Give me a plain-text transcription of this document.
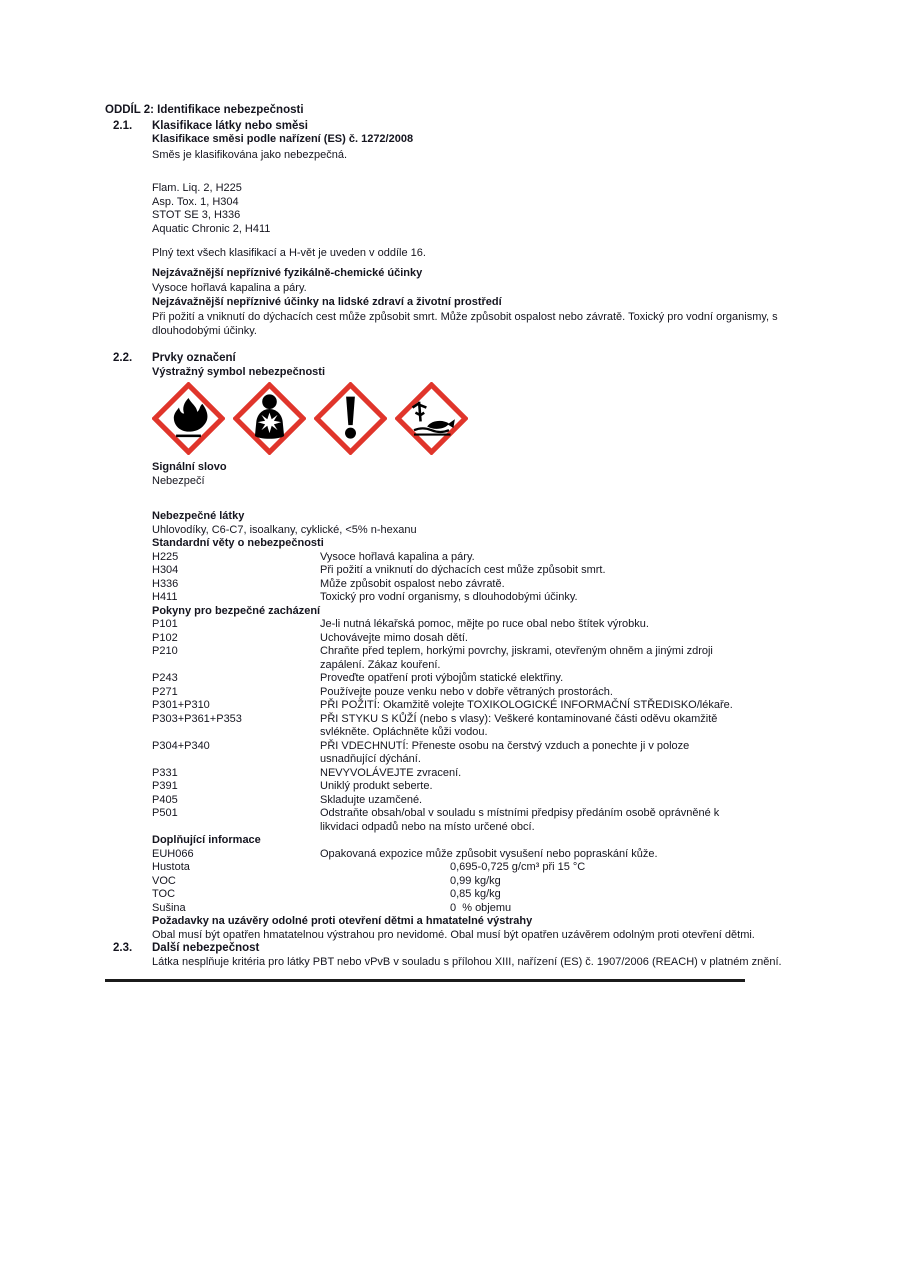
ODDÍL 2: Identifikace nebezpečnosti
2.1.	Klasifikace látky nebo směsi
Klasifikace směsi podle nařízení (ES) č. 1272/2008
Směs je klasifikována jako nebezpečná.
Flam. Liq. 2, H225
Asp. Tox. 1, H304
STOT SE 3, H336
Aquatic Chronic 2, H411
Plný text všech klasifikací a H-vět je uveden v oddíle 16.
Nejzávažnější nepříznivé fyzikálně-chemické účinky
Vysoce hořlavá kapalina a páry.
Nejzávažnější nepříznivé účinky na lidské zdraví a životní prostředí
Při požití a vniknutí do dýchacích cest může způsobit smrt. Může způsobit ospalost nebo závratě. Toxický pro vodní organismy, s dlouhodobými účinky.
2.2.	Prvky označení
Výstražný symbol nebezpečnosti
Signální slovo
Nebezpečí
Nebezpečné látky
Uhlovodíky, C6-C7, isoalkany, cyklické, <5% n-hexanu
Standardní věty o nebezpečnosti
H225	Vysoce hořlavá kapalina a páry.
H304	Při požití a vniknutí do dýchacích cest může způsobit smrt.
H336	Může způsobit ospalost nebo závratě.
H411	Toxický pro vodní organismy, s dlouhodobými účinky.
Pokyny pro bezpečné zacházení
P101	Je-li nutná lékařská pomoc, mějte po ruce obal nebo štítek výrobku.
P102	Uchovávejte mimo dosah dětí.
P210	Chraňte před teplem, horkými povrchy, jiskrami, otevřeným ohněm a jinými zdroji zapálení. Zákaz kouření.
P243	Proveďte opatření proti výbojům statické elektřiny.
P271	Používejte pouze venku nebo v dobře větraných prostorách.
P301+P310	PŘI POŽITÍ: Okamžitě volejte TOXIKOLOGICKÉ INFORMAČNÍ STŘEDISKO/lékaře.
P303+P361+P353	PŘI STYKU S KŮŽÍ (nebo s vlasy): Veškeré kontaminované části oděvu okamžitě svlékněte. Opláchněte kůži vodou.
P304+P340	PŘI VDECHNUTÍ: Přeneste osobu na čerstvý vzduch a ponechte ji v poloze usnadňující dýchání.
P331	NEVYVOLÁVEJTE zvracení.
P391	Uniklý produkt seberte.
P405	Skladujte uzamčené.
P501	Odstraňte obsah/obal v souladu s místními předpisy předáním osobě oprávněné k likvidaci odpadů nebo na místo určené obcí.
Doplňující informace
EUH066	Opakovaná expozice může způsobit vysušení nebo popraskání kůže.
Hustota	0,695-0,725 g/cm³ při 15 °C
VOC	0,99 kg/kg
TOC	0,85 kg/kg
Sušina	0  % objemu
Požadavky na uzávěry odolné proti otevření dětmi a hmatatelné výstrahy
Obal musí být opatřen hmatatelnou výstrahou pro nevidomé. Obal musí být opatřen uzávěrem odolným proti otevření dětmi.
2.3.	Další nebezpečnost
Látka nesplňuje kritéria pro látky PBT nebo vPvB v souladu s přílohou XIII, nařízení (ES) č. 1907/2006 (REACH) v platném znění.
